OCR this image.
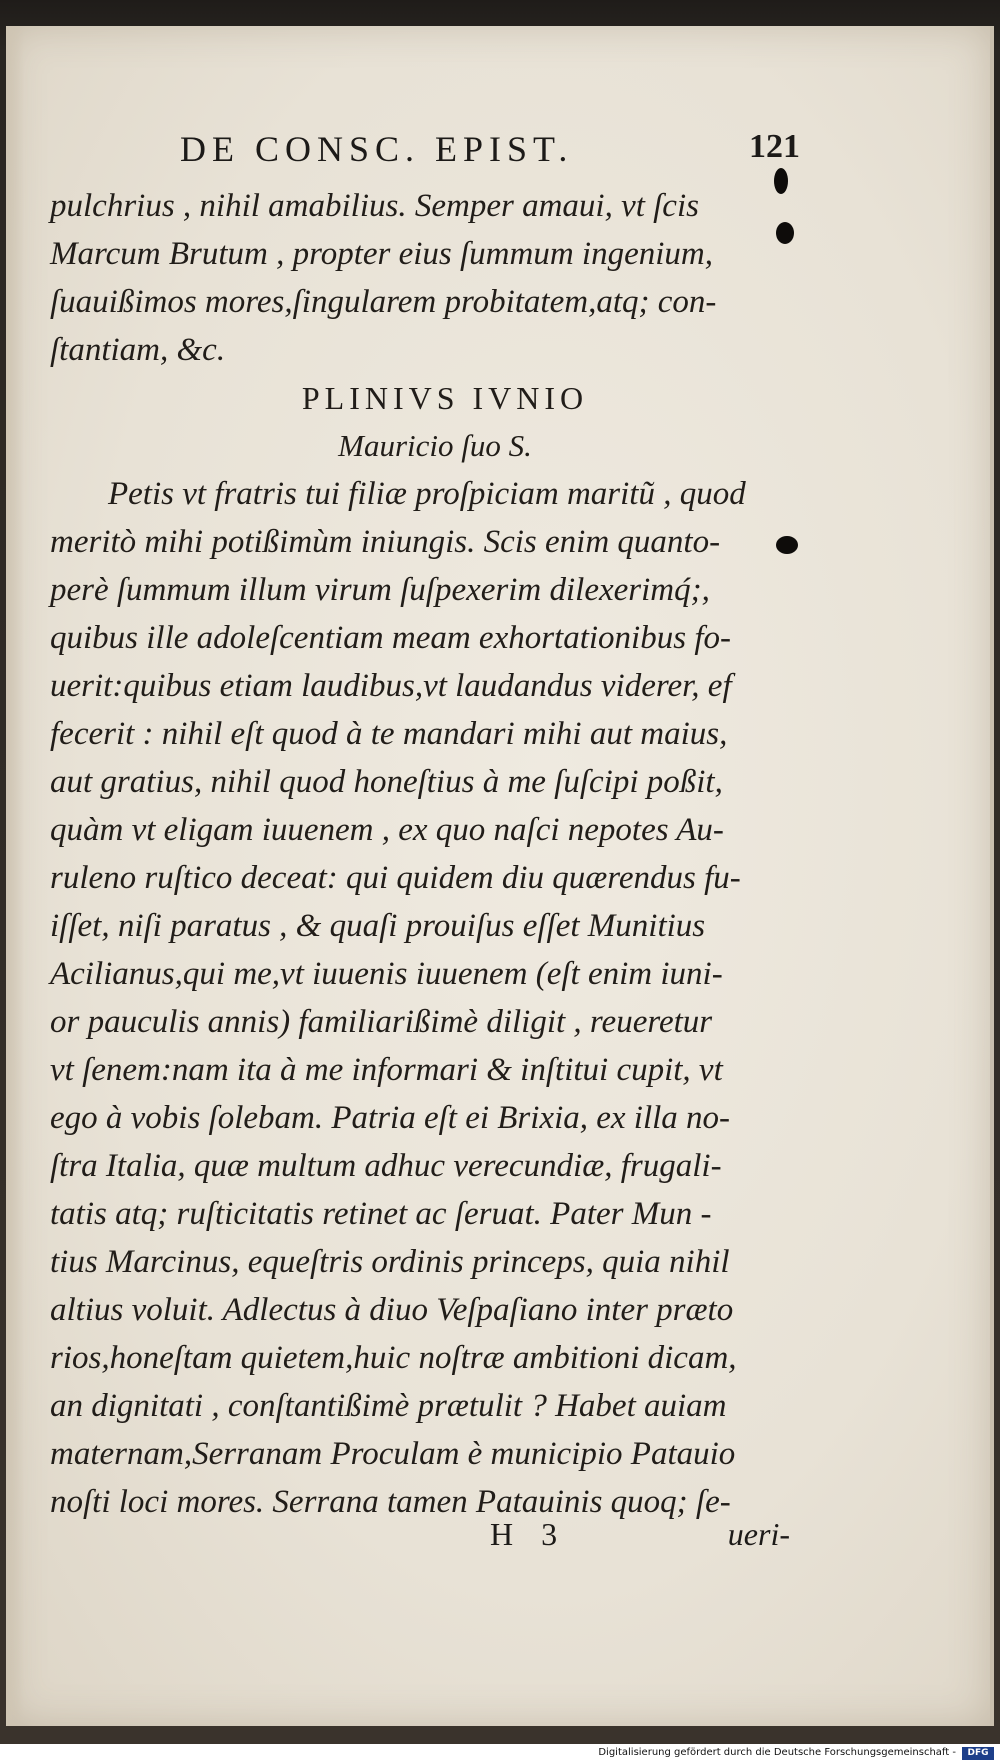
DE CONSC. EPIST.	121
pulchrius , nihil amabilius. Semper amaui, vt ſcis
Marcum Brutum , propter eius ſummum ingenium,
ſuauißimos mores,ſingularem probitatem,atq; con-
ſtantiam, &c.
PLINIVS IVNIO
Mauricio ſuo S.
Petis vt fratris tui filiæ proſpiciam maritũ , quod
meritò mihi potißimùm iniungis. Scis enim quanto-
perè ſummum illum virum ſuſpexerim dilexerimq́;,
quibus ille adoleſcentiam meam exhortationibus fo-
uerit:quibus etiam laudibus,vt laudandus viderer, ef
fecerit : nihil eſt quod à te mandari mihi aut maius,
aut gratius, nihil quod honeſtius à me ſuſcipi poßit,
quàm vt eligam iuuenem , ex quo naſci nepotes Au-
ruleno ruſtico deceat: qui quidem diu quærendus fu-
iſſet, niſi paratus , & quaſi prouiſus eſſet Munitius
Acilianus,qui me,vt iuuenis iuuenem (eſt enim iuni-
or pauculis annis) familiarißimè diligit , reueretur
vt ſenem:nam ita à me informari & inſtitui cupit, vt
ego à vobis ſolebam. Patria eſt ei Brixia, ex illa no-
ſtra Italia, quæ multum adhuc verecundiæ, frugali-
tatis atq; ruſticitatis retinet ac ſeruat. Pater Mun -
tius Marcinus, equeſtris ordinis princeps, quia nihil
altius voluit. Adlectus à diuo Veſpaſiano inter præto
rios,honeſtam quietem,huic noſtræ ambitioni dicam,
an dignitati , conſtantißimè prætulit ? Habet auiam
maternam,Serranam Proculam è municipio Patauio
noſti loci mores. Serrana tamen Patauinis quoq; ſe-
H 3	ueri-
Digitalisierung gefördert durch die Deutsche Forschungsgemeinschaft -	DFG
